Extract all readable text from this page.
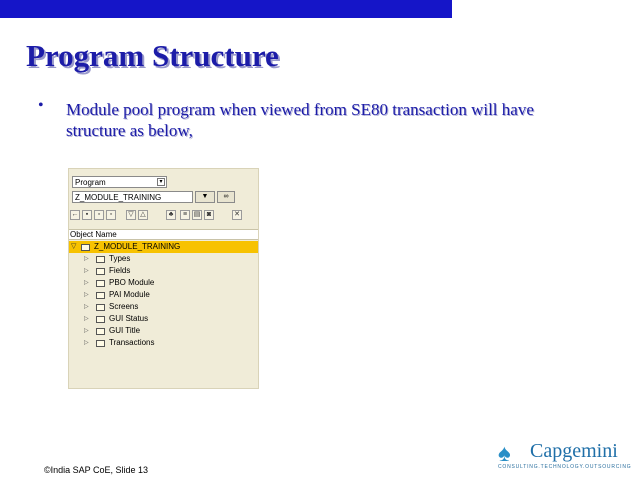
Program Structure
• Module pool program when viewed from SE80 transaction will have structure as below,
Program	▾
Z_MODULE_TRAINING	▼	∞
←	▪	▫	▫	▽ △	♣	≡ ▤ ◙	✕
Object Name
▽ Z_MODULE_TRAINING
▷	Types
▷	Fields
▷	PBO Module
▷	PAI Module
▷	Screens
▷	GUI Status
▷	GUI Title
▷	Transactions
♠ Capgemini
CONSULTING.TECHNOLOGY.OUTSOURCING
©India SAP CoE, Slide 13
